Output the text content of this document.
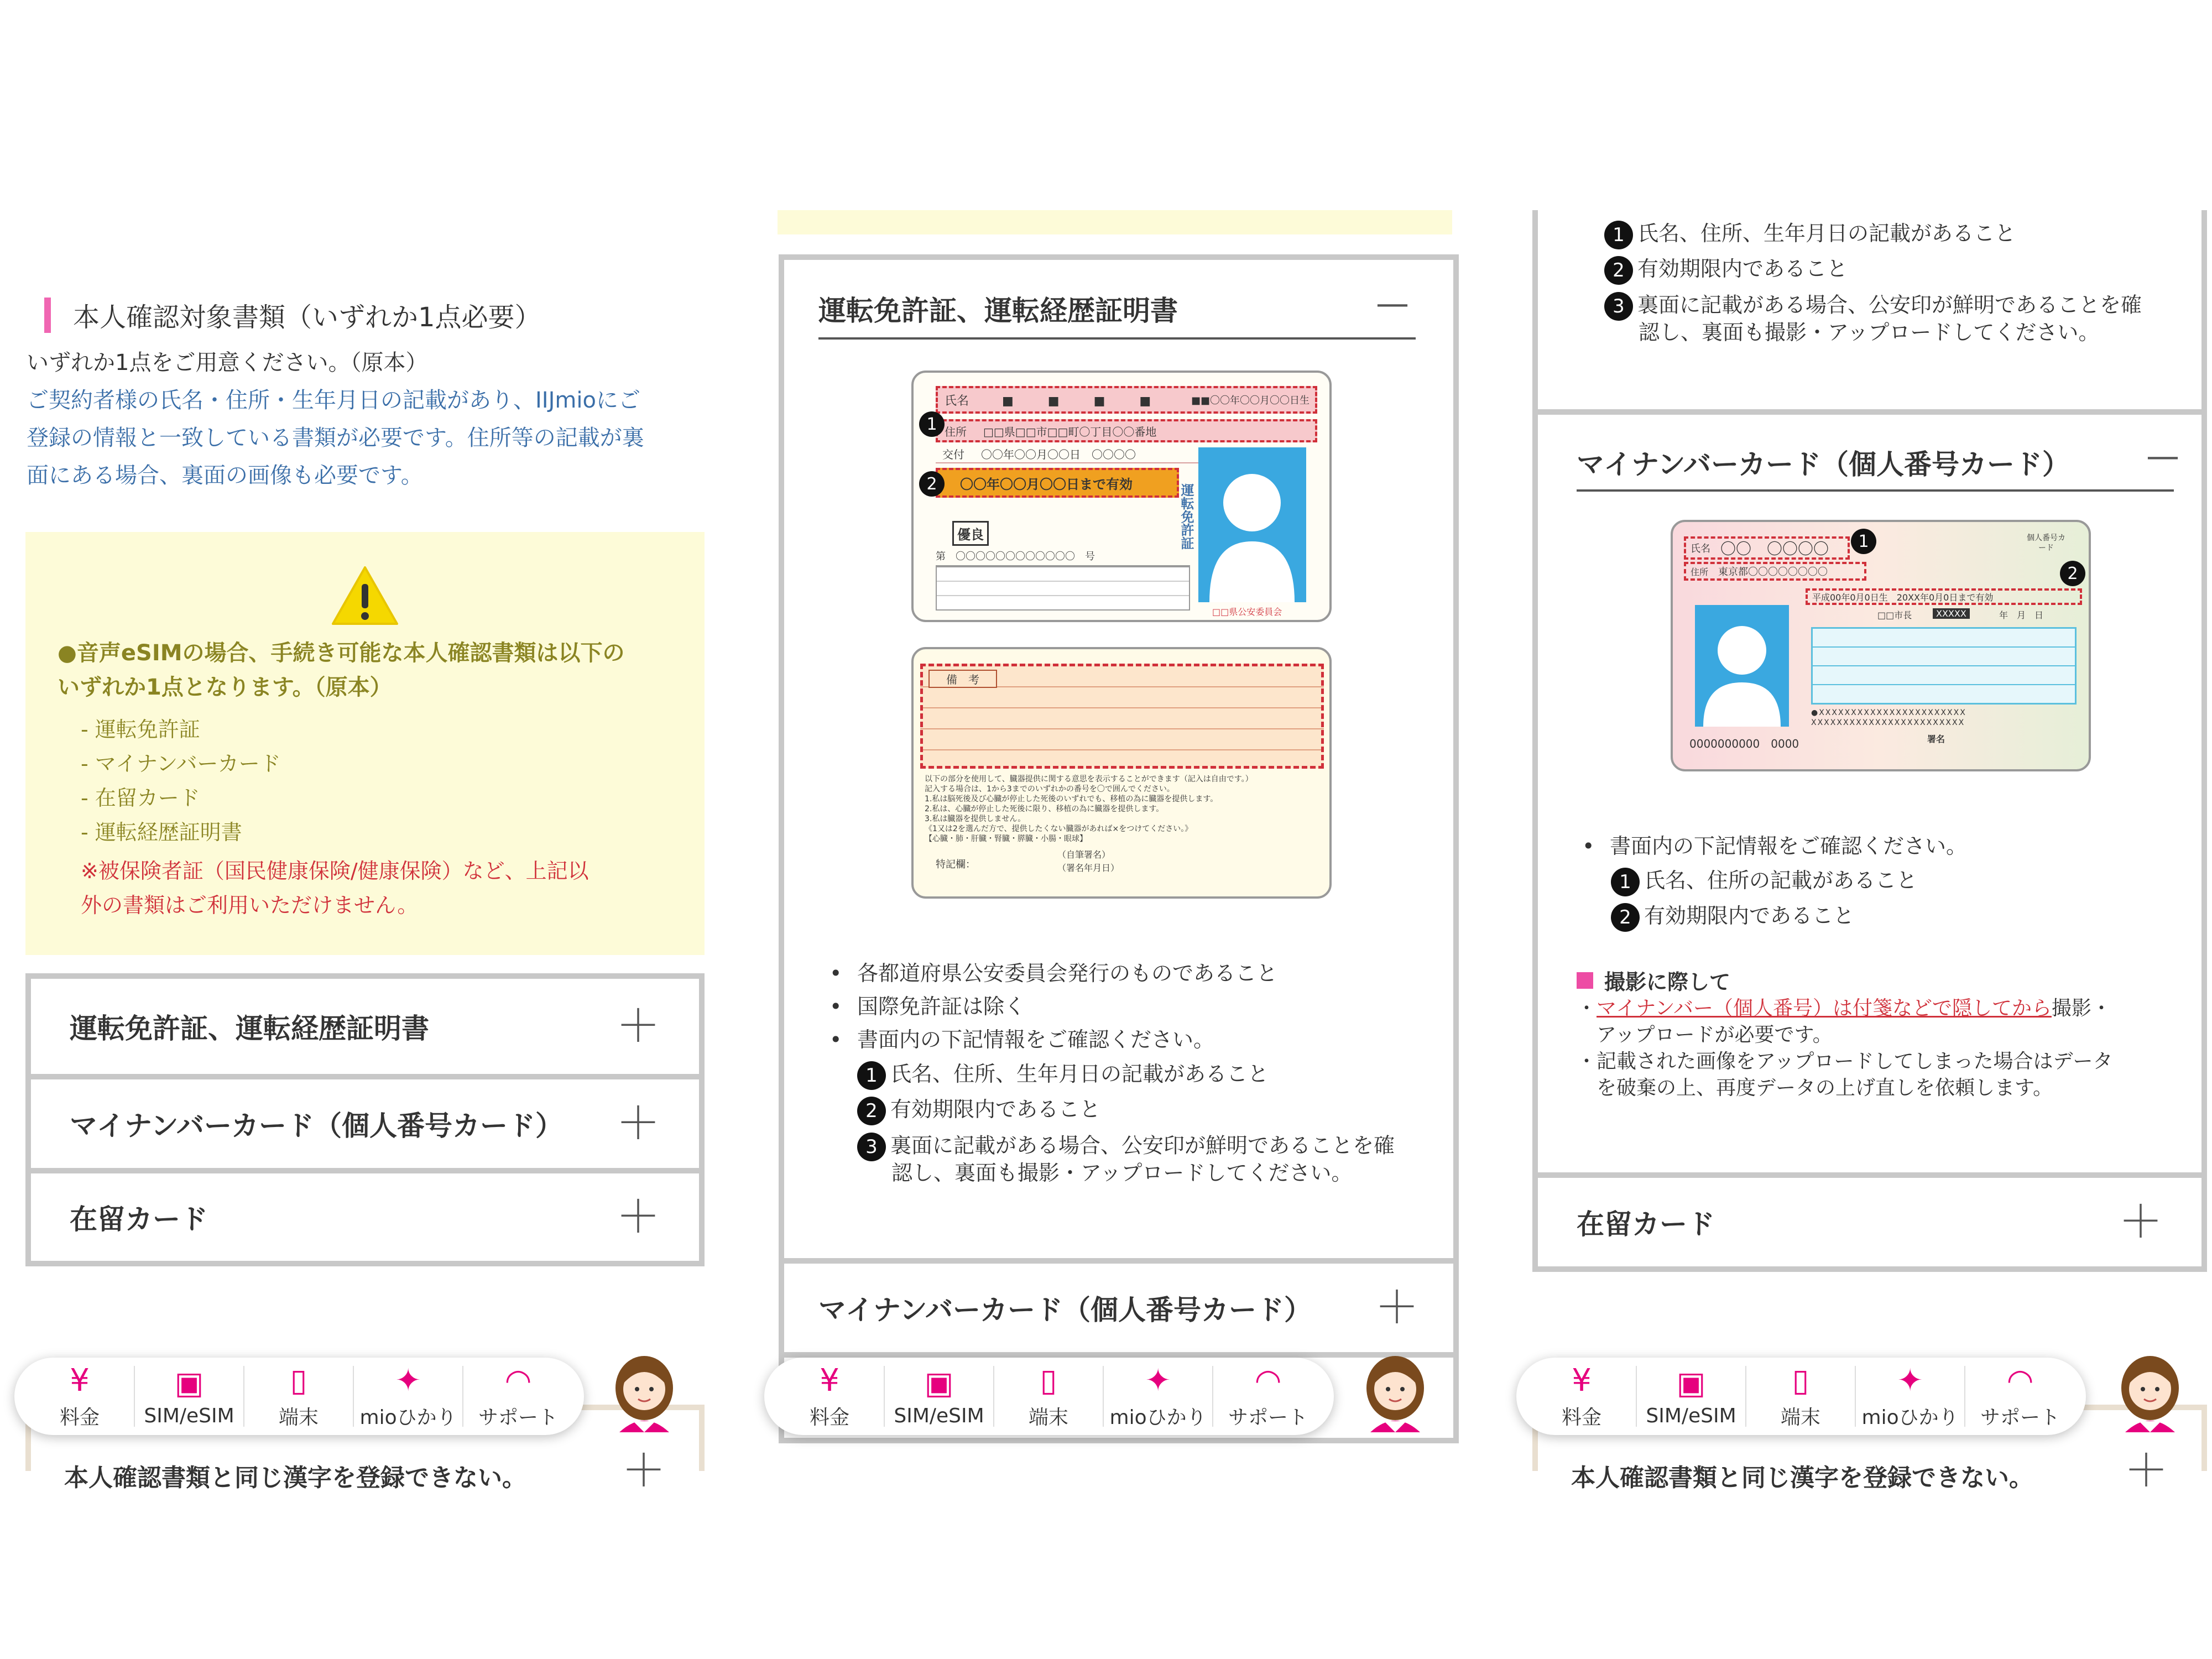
本人確認対象書類（いずれか1点必要）
いずれか1点をご用意ください。（原本）
ご契約者様の氏名・住所・生年月日の記載があり、IIJmioにご
登録の情報と一致している書類が必要です。住所等の記載が裏
面にある場合、裏面の画像も必要です。
●音声eSIMの場合、手続き可能な本人確認書類は以下の
いずれか1点となります。（原本）
- 運転免許証
- マイナンバーカード
- 在留カード
- 運転経歴証明書
※被保険者証（国民健康保険/健康保険）など、上記以
外の書類はご利用いただけません。
運転免許証、運転経歴証明書	＋
マイナンバーカード（個人番号カード） ＋
在留カード	＋
本人確認書類と同じ漢字を登録できない。 ＋
¥
料金
▣
SIM/eSIM
▯
端末
✦
mioひかり
◠
サポート
運転免許証、運転経歴証明書	—
氏名	■　■　■　■	■■〇〇年〇〇月〇〇日生
住所 □□県□□市□□町〇丁目〇〇番地
交付 〇〇年〇〇月〇〇日　〇〇〇〇
〇〇年〇〇月〇〇日まで有効	運転免許証
優良
第　〇〇〇〇〇〇〇〇〇〇〇〇　号
□□県公安委員会
1
2
備　考
以下の部分を使用して、臓器提供に関する意思を表示することができます（記入は自由です。）
記入する場合は、1から3までのいずれかの番号を〇で囲んでください。
1.私は脳死後及び心臓が停止した死後のいずれでも、移植の為に臓器を提供します。
2.私は、心臓が停止した死後に限り、移植の為に臓器を提供します。
3.私は臓器を提供しません。
《1又は2を選んだ方で、提供したくない臓器があれば×をつけてください。》
【心臓・肺・肝臓・腎臓・膵臓・小腸・眼球】
特記欄：
（自筆署名）
（署名年月日）
• 各都道府県公安委員会発行のものであること
• 国際免許証は除く
• 書面内の下記情報をご確認ください。
1 氏名、住所、生年月日の記載があること
2 有効期限内であること
3 裏面に記載がある場合、公安印が鮮明であることを確
認し、裏面も撮影・アップロードしてください。
マイナンバーカード（個人番号カード） ＋
¥
料金
▣
SIM/eSIM
▯
端末
✦
mioひかり
◠
サポート
1 氏名、住所、生年月日の記載があること
2 有効期限内であること
3 裏面に記載がある場合、公安印が鮮明であることを確
認し、裏面も撮影・アップロードしてください。
マイナンバーカード（個人番号カード） —
氏名 〇〇　〇〇〇〇
住所 東京都〇〇〇〇〇〇〇〇
1	個人番号カード
2
平成00年0月0日生　20XX年0月0日まで有効
□□市長	XXXXX	年　月　日
●XXXXXXXXXXXXXXXXXXXXXXX
XXXXXXXXXXXXXXXXXXXXXXXX
0000000000　0000	署名
• 書面内の下記情報をご確認ください。
1 氏名、住所の記載があること
2 有効期限内であること
撮影に際して
・マイナンバー（個人番号）は付箋などで隠してから撮影・
アップロードが必要です。
・記載された画像をアップロードしてしまった場合はデータ
を破棄の上、再度データの上げ直しを依頼します。
在留カード	＋
本人確認書類と同じ漢字を登録できない。 ＋
¥
料金
▣
SIM/eSIM
▯
端末
✦
mioひかり
◠
サポート
